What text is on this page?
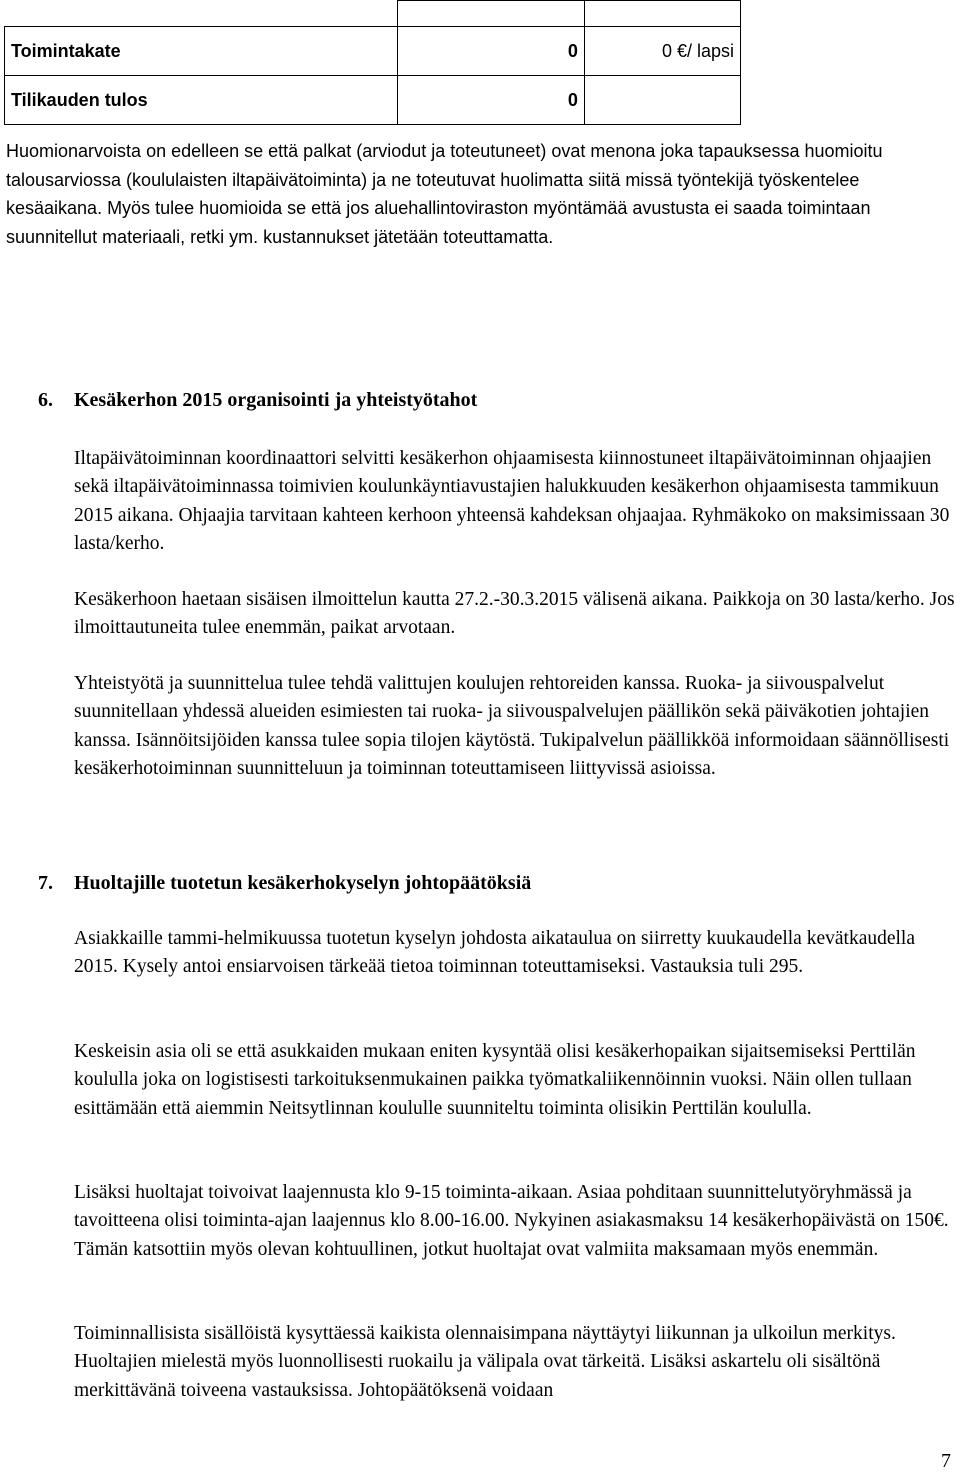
Toimintakate	0	0 €/ lapsi
Tilikauden tulos	0	

Huomionarvoista on edelleen se että palkat (arviodut ja toteutuneet) ovat menona joka tapauksessa huomioitu talousarviossa (koululaisten iltapäivätoiminta) ja ne toteutuvat huolimatta siitä missä työntekijä työskentelee kesäaikana. Myös tulee huomioida se että jos aluehallintoviraston myöntämää avustusta ei saada toimintaan suunnitellut materiaali, retki ym. kustannukset jätetään toteuttamatta.

6. Kesäkerhon 2015 organisointi ja yhteistyötahot

Iltapäivätoiminnan koordinaattori selvitti kesäkerhon ohjaamisesta kiinnostuneet iltapäivätoiminnan ohjaajien sekä iltapäivätoiminnassa toimivien koulunkäyntiavustajien halukkuuden kesäkerhon ohjaamisesta tammikuun 2015 aikana. Ohjaajia tarvitaan kahteen kerhoon yhteensä kahdeksan ohjaajaa. Ryhmäkoko on maksimissaan 30 lasta/kerho.

Kesäkerhoon haetaan sisäisen ilmoittelun kautta 27.2.-30.3.2015 välisenä aikana. Paikkoja on 30 lasta/kerho. Jos ilmoittautuneita tulee enemmän, paikat arvotaan.

Yhteistyötä ja suunnittelua tulee tehdä valittujen koulujen rehtoreiden kanssa. Ruoka- ja siivouspalvelut suunnitellaan yhdessä alueiden esimiesten tai ruoka- ja siivouspalvelujen päällikön sekä päiväkotien johtajien kanssa. Isännöitsijöiden kanssa tulee sopia tilojen käytöstä. Tukipalvelun päällikköä informoidaan säännöllisesti kesäkerhotoiminnan suunnitteluun ja toiminnan toteuttamiseen liittyvissä asioissa.

7. Huoltajille tuotetun kesäkerhokyselyn johtopäätöksiä

Asiakkaille tammi-helmikuussa tuotetun kyselyn johdosta aikataulua on siirretty kuukaudella kevätkaudella 2015. Kysely antoi ensiarvoisen tärkeää tietoa toiminnan toteuttamiseksi. Vastauksia tuli 295.

Keskeisin asia oli se että asukkaiden mukaan eniten kysyntää olisi kesäkerhopaikan sijaitsemiseksi Perttilän koululla joka on logistisesti tarkoituksenmukainen paikka työmatkaliikennöinnin vuoksi. Näin ollen tullaan esittämään että aiemmin Neitsytlinnan koululle suunniteltu toiminta olisikin Perttilän koululla.

Lisäksi huoltajat toivoivat laajennusta klo 9-15 toiminta-aikaan. Asiaa pohditaan suunnittelutyöryhmässä ja tavoitteena olisi toiminta-ajan laajennus klo 8.00-16.00. Nykyinen asiakasmaksu 14 kesäkerhopäivästä on 150€. Tämän katsottiin myös olevan kohtuullinen, jotkut huoltajat ovat valmiita maksamaan myös enemmän.

Toiminnallisista sisällöistä kysyttäessä kaikista olennaisimpana näyttäytyi liikunnan ja ulkoilun merkitys. Huoltajien mielestä myös luonnollisesti ruokailu ja välipala ovat tärkeitä. Lisäksi askartelu oli sisältönä merkittävänä toiveena vastauksissa. Johtopäätöksenä voidaan

7
